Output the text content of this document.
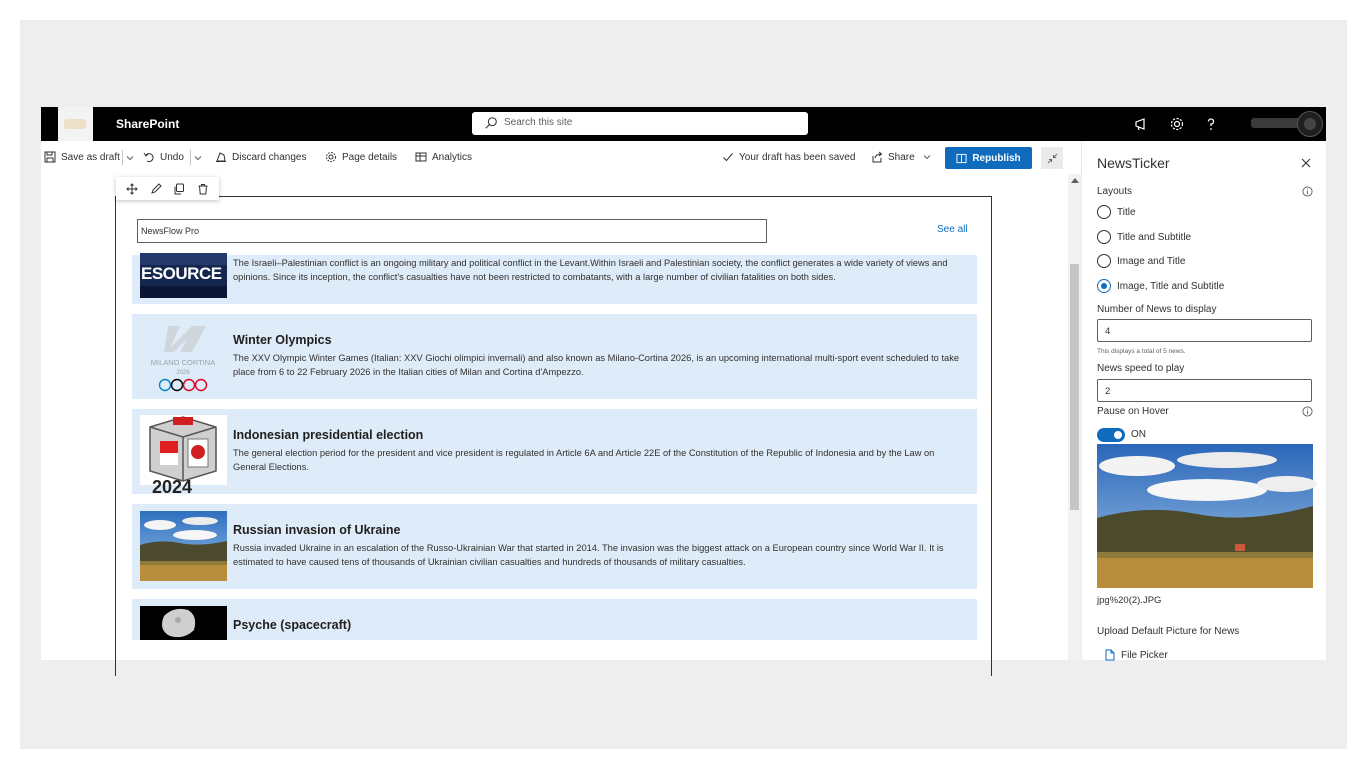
SharePoint	Search this site
Save as draft	Undo	Discard changes	Page details	Analytics	Your draft has been saved	Share	Republish
NewsFlow Pro	See all
ESOURCE
The Israeli–Palestinian conflict is an ongoing military and political conflict in the Levant.Within Israeli and Palestinian society, the conflict generates a wide variety of views and opinions. Since its inception, the conflict's casualties have not been restricted to combatants, with a large number of civilian fatalities on both sides.
MILANO CORTINA
2026
Winter Olympics
The XXV Olympic Winter Games (Italian: XXV Giochi olimpici invernali) and also known as Milano-Cortina 2026, is an upcoming international multi-sport event scheduled to take place from 6 to 22 February 2026 in the Italian cities of Milan and Cortina d'Ampezzo.
2024
Indonesian presidential election
The general election period for the president and vice president is regulated in Article 6A and Article 22E of the Constitution of the Republic of Indonesia and by the Law on General Elections.
Russian invasion of Ukraine
Russia invaded Ukraine in an escalation of the Russo-Ukrainian War that started in 2014. The invasion was the biggest attack on a European country since World War II. It is estimated to have caused tens of thousands of Ukrainian civilian casualties and hundreds of thousands of military casualties.
Psyche (spacecraft)
NewsTicker
Layouts
Title
Title and Subtitle
Image and Title
Image, Title and Subtitle
Number of News to display
4
This displays a total of 5 news.
News speed to play
2
Pause on Hover
ON
jpg%20(2).JPG
Upload Default Picture for News
File Picker
